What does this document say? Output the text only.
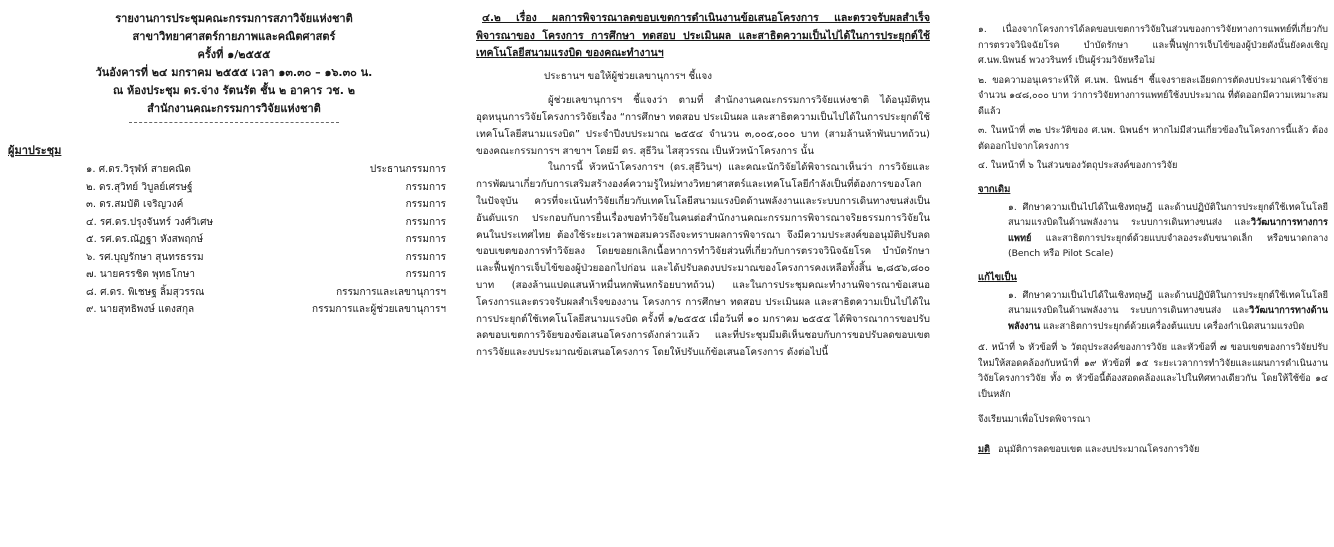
รายงานการประชุมคณะกรรมการสภาวิจัยแห่งชาติ
สาขาวิทยาศาสตร์กายภาพและคณิตศาสตร์
ครั้งที่ ๑/๒๕๕๕
วันอังคารที่ ๒๔ มกราคม ๒๕๕๕ เวลา ๑๓.๓๐ – ๑๖.๓๐ น.
ณ ห้องประชุม ดร.จ่าง รัตนรัต ชั้น ๒ อาคาร วช. ๒
สำนักงานคณะกรรมการวิจัยแห่งชาติ
ผู้มาประชุม
๑. ศ.ดร.วิรุฬห์ สายคณิต	ประธานกรรมการ
๒. ดร.สุวิทย์ วิบูลย์เศรษฐ์	กรรมการ
๓. ดร.สมบัติ เจริญวงค์	กรรมการ
๔. รศ.ดร.ปรุงจันทร์ วงศ์วิเศษ	กรรมการ
๕. รศ.ดร.ณัฏฐา หังสพฤกษ์	กรรมการ
๖. รศ.บุญรักษา สุนทรธรรม	กรรมการ
๗. นายครรชิต พุทธโกษา	กรรมการ
๘. ศ.ดร. พิเชษฐ ลิ้มสุวรรณ	กรรมการและเลขานุการฯ
๙. นายสุทธิพงษ์ แตงสกุล	กรรมการและผู้ช่วยเลขานุการฯ
๔.๒ เรื่อง ผลการพิจารณาลดขอบเขตการดำเนินงานข้อเสนอโครงการ และตรวจรับผลสำเร็จพิจารณาของ โครงการ การศึกษา ทดสอบ ประเมินผล และสาธิตความเป็นไปได้ในการประยุกต์ใช้เทคโนโลยีสนามแรงบิด ของคณะทำงานฯ

ประธานฯ ขอให้ผู้ช่วยเลขานุการฯ ชี้แจง

ผู้ช่วยเลขานุการฯ ชี้แจงว่า ตามที่ สำนักงานคณะกรรมการวิจัยแห่งชาติ ได้อนุมัติทุนอุดหนุนการวิจัยโครงการวิจัยเรื่อง “การศึกษา ทดสอบ ประเมินผล และสาธิตความเป็นไปได้ในการประยุกต์ใช้เทคโนโลยีสนามแรงบิด” ประจำปีงบประมาณ ๒๕๕๔ จำนวน ๓,๐๐๕,๐๐๐ บาท (สามล้านห้าพันบาทถ้วน) ของคณะกรรมการฯ สาขาฯ โดยมี ดร. สุธีวิน ไสสุวรรณ เป็นหัวหน้าโครงการ นั้น

ในการนี้ หัวหน้าโครงการฯ (ดร.สุธีวินฯ) และคณะนักวิจัยได้พิจารณาเห็นว่า การวิจัยและการพัฒนาเกี่ยวกับการเสริมสร้างองค์ความรู้ใหม่ทางวิทยาศาสตร์และเทคโนโลยีกำลังเป็นที่ต้องการของโลกในปัจจุบัน ควรที่จะเน้นทำวิจัยเกี่ยวกับเทคโนโลยีสนามแรงบิดด้านพลังงานและระบบการเดินทางขนส่งเป็นอันดับแรก ประกอบกับการยื่นเรื่องขอทำวิจัยในคนต่อสำนักงานคณะกรรมการพิจารณาจริยธรรมการวิจัยในคนในประเทศไทย ต้องใช้ระยะเวลาพอสมควรถึงจะทราบผลการพิจารณา จึงมีความประสงค์ขออนุมัติปรับลดขอบเขตของการทำวิจัยลง โดยขอยกเลิกเนื้อหาการทำวิจัยส่วนที่เกี่ยวกับการตรวจวินิจฉัยโรค บำบัดรักษา และฟื้นฟูการเจ็บไข้ของผู้ป่วยออกไปก่อน และได้ปรับลดงบประมาณของโครงการคงเหลือทั้งสิ้น ๒,๘๕๖,๘๐๐ บาท (สองล้านแปดแสนห้าหมื่นหกพันหกร้อยบาทถ้วน) และในการประชุมคณะทำงานพิจารณาข้อเสนอโครงการและตรวจรับผลสำเร็จของงาน โครงการ การศึกษา ทดสอบ ประเมินผล และสาธิตความเป็นไปได้ในการประยุกต์ใช้เทคโนโลยีสนามแรงบิด ครั้งที่ ๑/๒๕๕๕ เมื่อวันที่ ๑๐ มกราคม ๒๕๕๕ ได้พิจารณาการขอปรับลดขอบเขตการวิจัยของข้อเสนอโครงการดังกล่าวแล้ว และที่ประชุมมีมติเห็นชอบกับการขอปรับลดขอบเขตการวิจัยและงบประมาณข้อเสนอโครงการ โดยให้ปรับแก้ข้อเสนอโครงการ ดังต่อไปนี้

๑. เนื่องจากโครงการได้ลดขอบเขตการวิจัยในส่วนของการวิจัยทางการแพทย์ที่เกี่ยวกับการตรวจวินิจฉัยโรค บำบัดรักษา และฟื้นฟูการเจ็บไข้ของผู้ป่วยดังนั้นยังคงเชิญ ศ.นพ.นิพนธ์ พวงวรินทร์ เป็นผู้ร่วมวิจัยหรือไม่

๒. ขอความอนุเคราะห์ให้ ศ.นพ. นิพนธ์ฯ ชี้แจงรายละเอียดการตัดงบประมาณค่าใช้จ่าย จำนวน ๑๔๘,๐๐๐ บาท ว่าการวิจัยทางการแพทย์ใช้งบประมาณ ที่ตัดออกมีความเหมาะสมดีแล้ว

๓. ในหน้าที่ ๓๒ ประวัติของ ศ.นพ. นิพนธ์ฯ หากไม่มีส่วนเกี่ยวข้องในโครงการนี้แล้ว ต้องตัดออกไปจากโครงการ

๔. ในหน้าที่ ๖ ในส่วนของวัตถุประสงค์ของการวิจัย

จากเดิม

๑. ศึกษาความเป็นไปได้ในเชิงทฤษฎี และด้านปฏิบัติในการประยุกต์ใช้เทคโนโลยีสนามแรงบิดในด้านพลังงาน ระบบการเดินทางขนส่ง และวิวัฒนาการทางการแพทย์ และสาธิตการประยุกต์ด้วยแบบจำลองระดับขนาดเล็ก หรือขนาดกลาง (Bench หรือ Pilot Scale)

แก้ไขเป็น

๑. ศึกษาความเป็นไปได้ในเชิงทฤษฎี และด้านปฏิบัติในการประยุกต์ใช้เทคโนโลยีสนามแรงบิดในด้านพลังงาน ระบบการเดินทางขนส่ง และวิวัฒนาการทางด้านพลังงาน และสาธิตการประยุกต์ด้วยเครื่องต้นแบบ เครื่องกำเนิดสนามแรงบิด

๕. หน้าที่ ๖ หัวข้อที่ ๖ วัตถุประสงค์ของการวิจัย และหัวข้อที่ ๗ ขอบเขตของการวิจัยปรับใหม่ให้สอดคล้องกับหน้าที่ ๑๙ หัวข้อที่ ๑๕ ระยะเวลาการทำวิจัยและแผนการดำเนินงานวิจัยโครงการวิจัย ทั้ง ๓ หัวข้อนี้ต้องสอดคล้องและไปในทิศทางเดียวกัน โดยให้ใช้ข้อ ๑๔ เป็นหลัก

จึงเรียนมาเพื่อโปรดพิจารณา
มติ อนุมัติการลดขอบเขต และงบประมาณโครงการวิจัย
